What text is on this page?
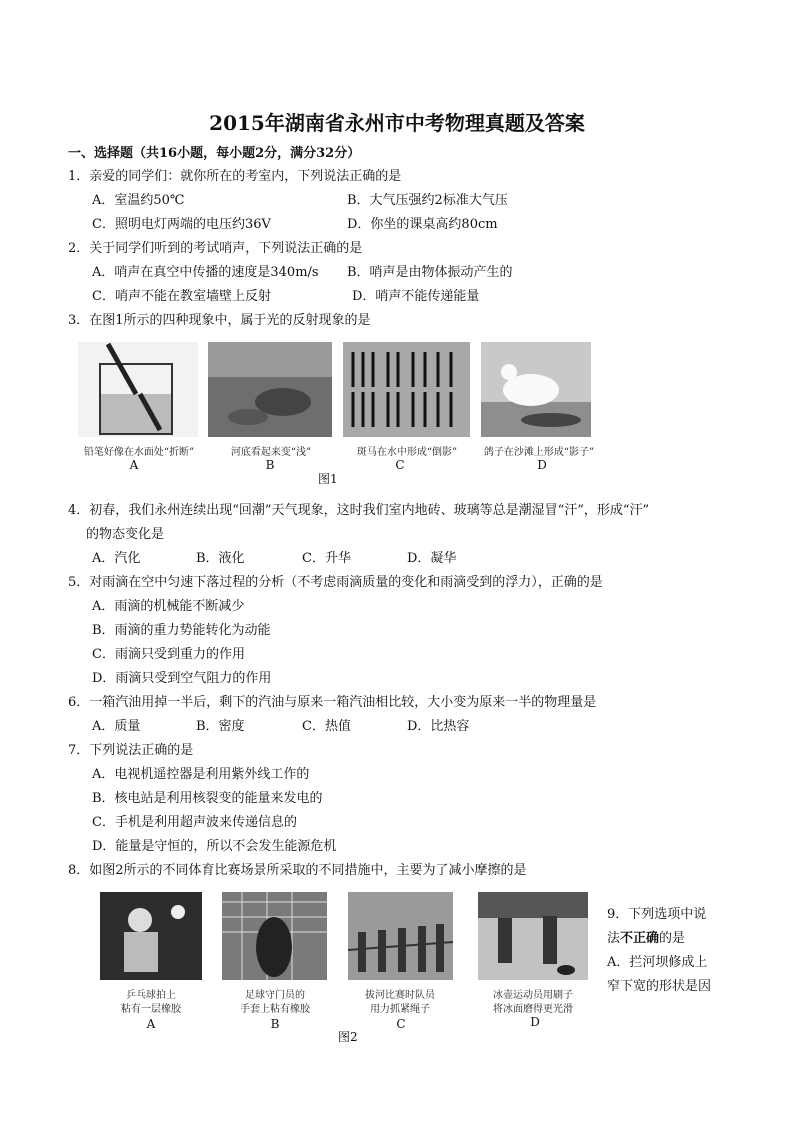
2015年湖南省永州市中考物理真题及答案
一、选择题（共16小题，每小题2分，满分32分）
1．亲爱的同学们：就你所在的考室内，下列说法正确的是
A．室温约50℃	B．大气压强约2标准大气压
C．照明电灯两端的电压约36V	D．你坐的课桌高约80cm
2．关于同学们听到的考试哨声，下列说法正确的是
A．哨声在真空中传播的速度是340m/s B．哨声是由物体振动产生的
C．哨声不能在教室墙壁上反射	D．哨声不能传递能量
3．在图1所示的四种现象中，属于光的反射现象的是
铅笔好像在水面处“折断”	河底看起来变“浅”	斑马在水中形成“倒影”	鸽子在沙滩上形成“影子”
A	B	C	D
图1
4．初春，我们永州连续出现“回潮”天气现象，这时我们室内地砖、玻璃等总是潮湿冒“汗”，形成“汗”
的物态变化是
A．汽化	B．液化	C．升华	D．凝华
5．对雨滴在空中匀速下落过程的分析（不考虑雨滴质量的变化和雨滴受到的浮力），正确的是
A．雨滴的机械能不断减少
B．雨滴的重力势能转化为动能
C．雨滴只受到重力的作用
D．雨滴只受到空气阻力的作用
6．一箱汽油用掉一半后，剩下的汽油与原来一箱汽油相比较，大小变为原来一半的物理量是
A．质量	B．密度	C．热值	D．比热容
7．下列说法正确的是
A．电视机遥控器是利用紫外线工作的
B．核电站是利用核裂变的能量来发电的
C．手机是利用超声波来传递信息的
D．能量是守恒的，所以不会发生能源危机
8．如图2所示的不同体育比赛场景所采取的不同措施中，主要为了减小摩擦的是
乒乓球拍上
粘有一层橡胶
足球守门员的
手套上粘有橡胶
拔河比赛时队员
用力抓紧绳子
冰壶运动员用刷子
将冰面磨得更光滑
A	B	C	D
图2
9．下列选项中说
法不正确的是
A．拦河坝修成上
窄下宽的形状是因
